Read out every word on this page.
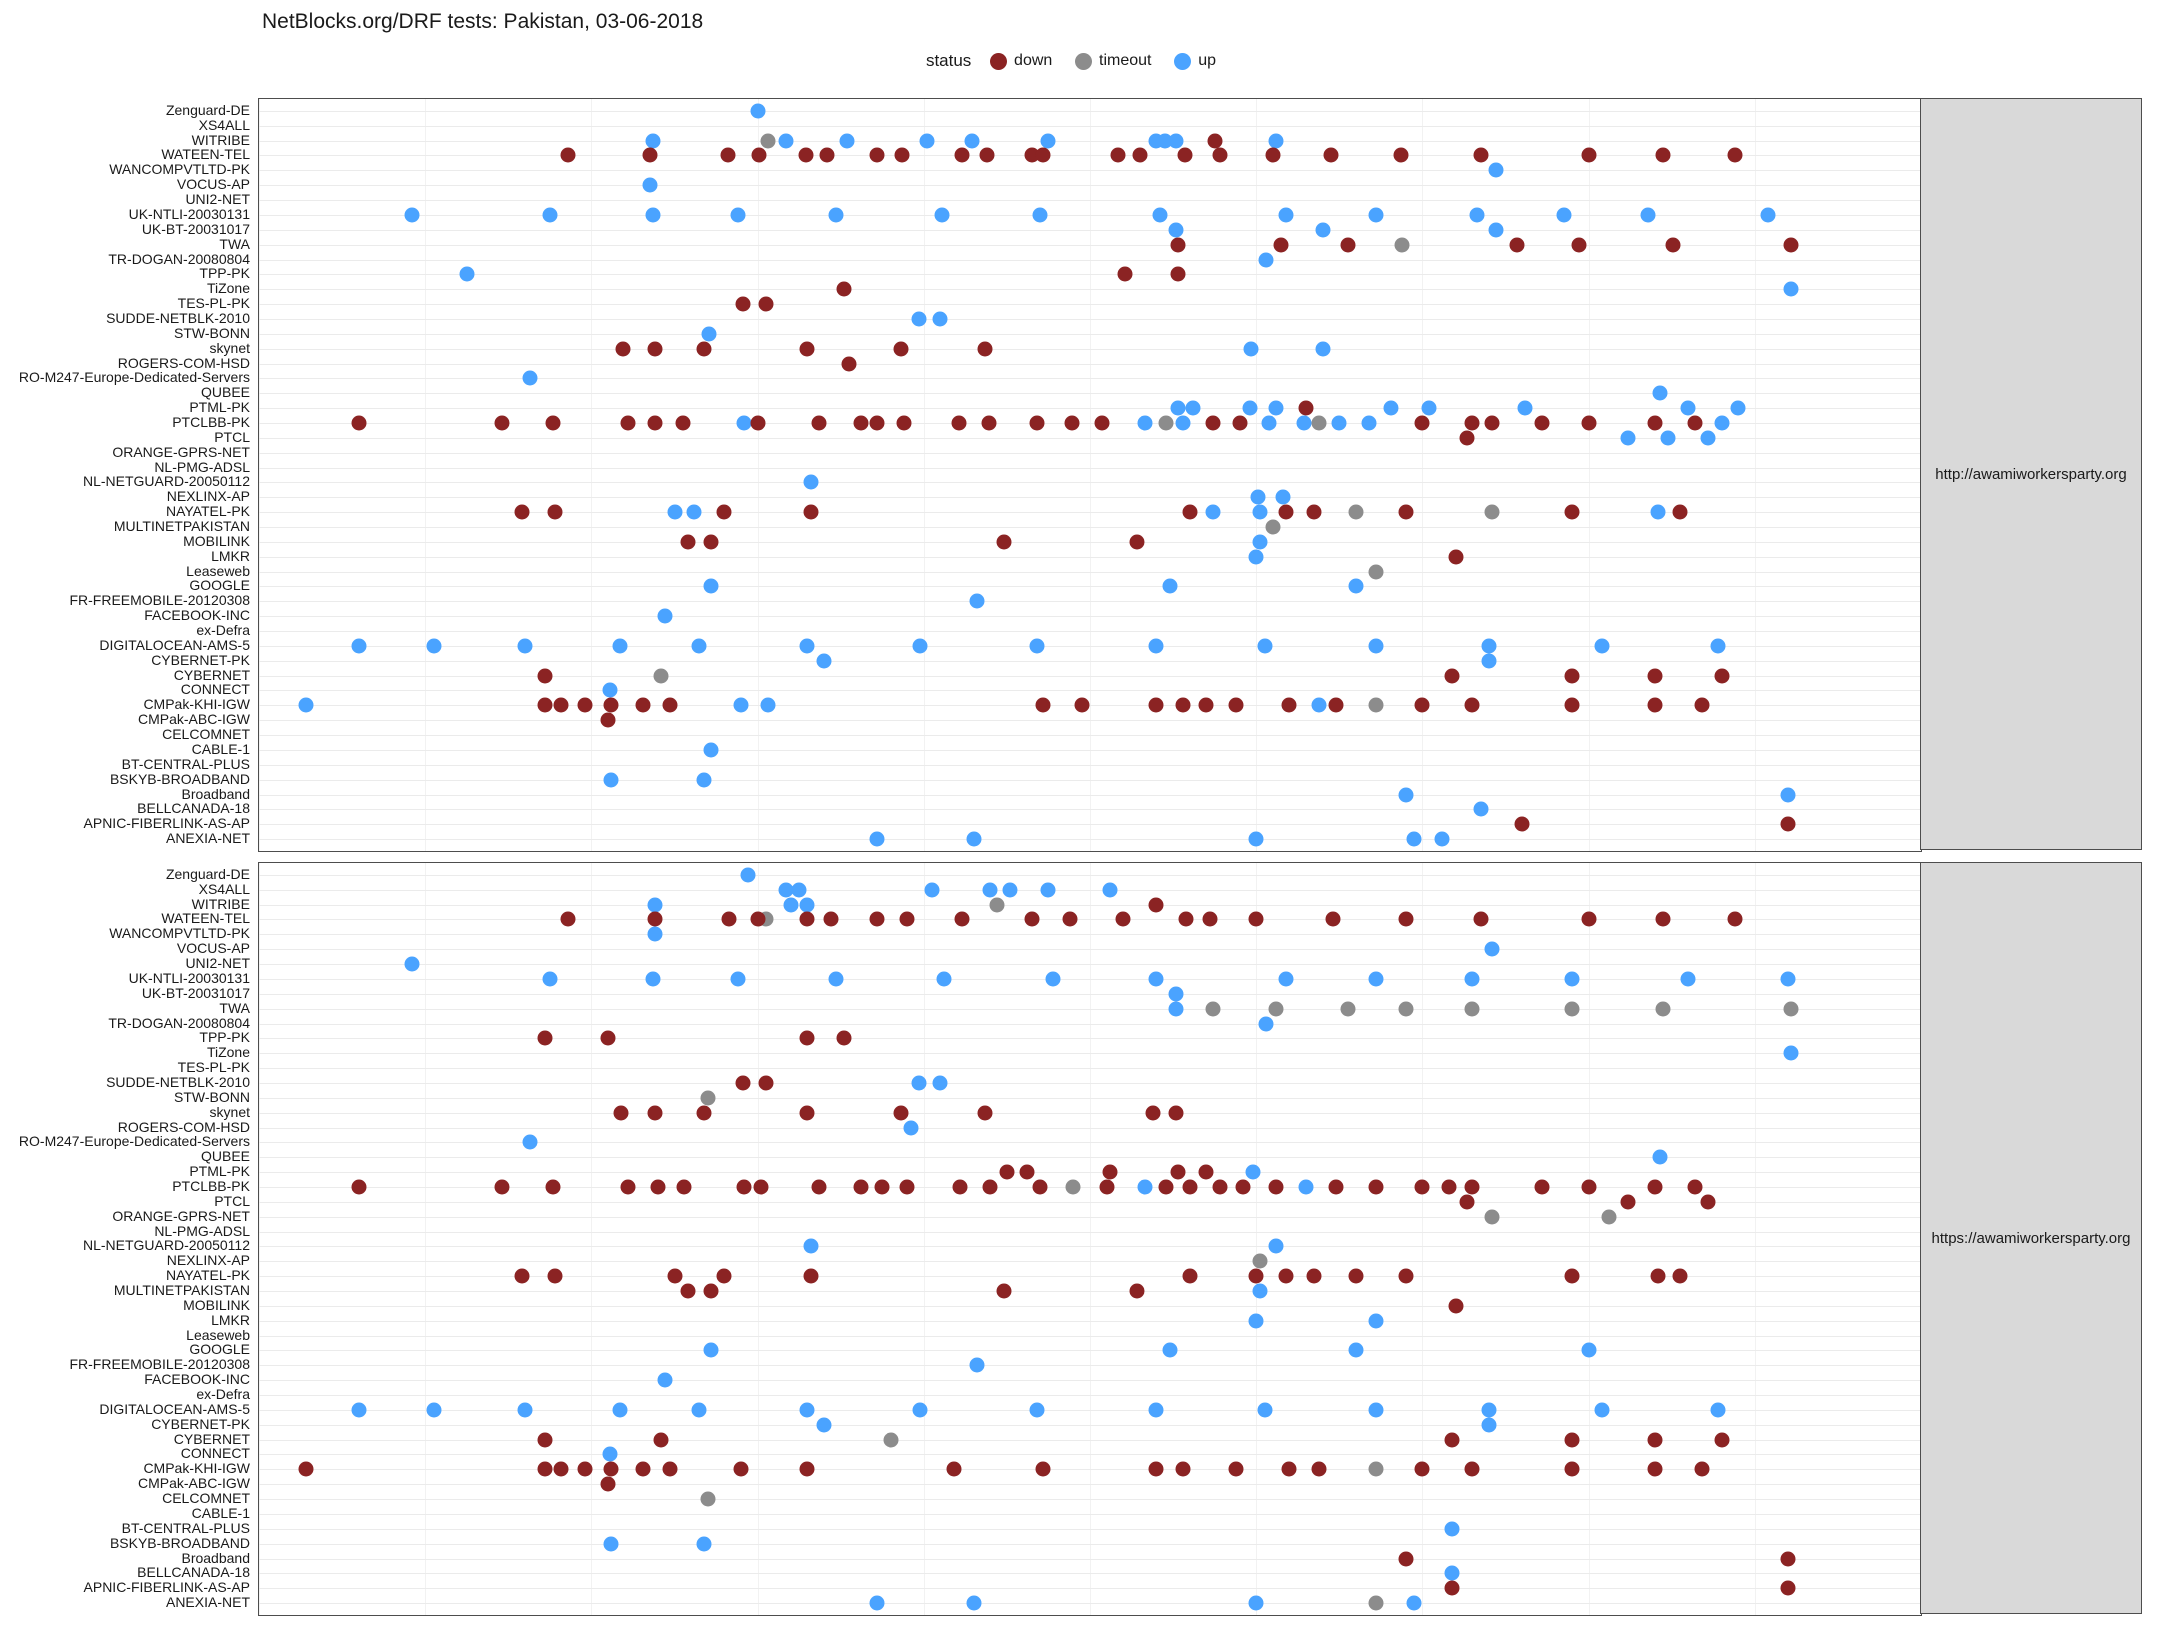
NetBlocks.org/DRF tests: Pakistan, 03-06-2018
status	down	timeout	up
Zenguard-DE
XS4ALL
WITRIBE
WATEEN-TEL
WANCOMPVTLTD-PK
VOCUS-AP
UNI2-NET
UK-NTLI-20030131
UK-BT-20031017
TWA
TR-DOGAN-20080804
TPP-PK
TiZone
TES-PL-PK
SUDDE-NETBLK-2010
STW-BONN
skynet
ROGERS-COM-HSD
RO-M247-Europe-Dedicated-Servers
QUBEE
PTML-PK
PTCLBB-PK
PTCL
ORANGE-GPRS-NET
NL-PMG-ADSL
NL-NETGUARD-20050112
NEXLINX-AP
NAYATEL-PK
MULTINETPAKISTAN
MOBILINK
LMKR
Leaseweb
GOOGLE
FR-FREEMOBILE-20120308
FACEBOOK-INC
ex-Defra
DIGITALOCEAN-AMS-5
CYBERNET-PK
CYBERNET
CONNECT
CMPak-KHI-IGW
CMPak-ABC-IGW
CELCOMNET
CABLE-1
BT-CENTRAL-PLUS
BSKYB-BROADBAND
Broadband
BELLCANADA-18
APNIC-FIBERLINK-AS-AP
ANEXIA-NET
http://awamiworkersparty.org
Zenguard-DE
XS4ALL
WITRIBE
WATEEN-TEL
WANCOMPVTLTD-PK
VOCUS-AP
UNI2-NET
UK-NTLI-20030131
UK-BT-20031017
TWA
TR-DOGAN-20080804
TPP-PK
TiZone
TES-PL-PK
SUDDE-NETBLK-2010
STW-BONN
skynet
ROGERS-COM-HSD
RO-M247-Europe-Dedicated-Servers
QUBEE
PTML-PK
PTCLBB-PK
PTCL
ORANGE-GPRS-NET
NL-PMG-ADSL
NL-NETGUARD-20050112
NEXLINX-AP
NAYATEL-PK
MULTINETPAKISTAN
MOBILINK
LMKR
Leaseweb
GOOGLE
FR-FREEMOBILE-20120308
FACEBOOK-INC
ex-Defra
DIGITALOCEAN-AMS-5
CYBERNET-PK
CYBERNET
CONNECT
CMPak-KHI-IGW
CMPak-ABC-IGW
CELCOMNET
CABLE-1
BT-CENTRAL-PLUS
BSKYB-BROADBAND
Broadband
BELLCANADA-18
APNIC-FIBERLINK-AS-AP
ANEXIA-NET
https://awamiworkersparty.org
